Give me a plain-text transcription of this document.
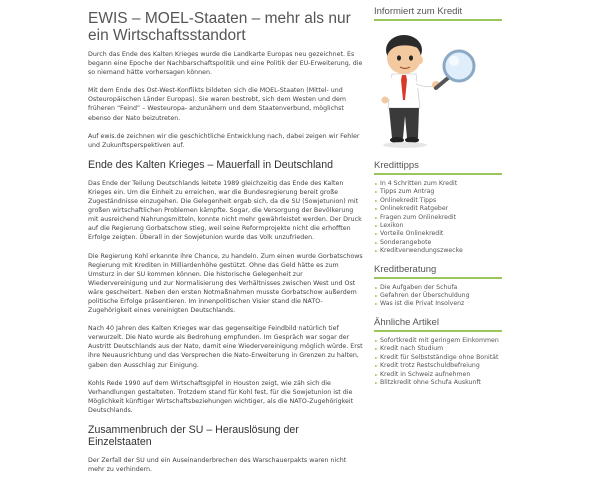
EWIS – MOEL-Staaten – mehr als nur ein Wirtschaftsstandort

Durch das Ende des Kalten Krieges wurde die Landkarte Europas neu gezeichnet. Es begann eine Epoche der Nachbarschaftspolitik und eine Politik der EU-Erweiterung, die so niemand hätte vorhersagen können.

Mit dem Ende des Ost-West-Konflikts bildeten sich die MOEL-Staaten (Mittel- und Osteuropäischen Länder Europas). Sie waren bestrebt, sich dem Westen und dem früheren “Feind” – Westeuropa- anzunähern und dem Staatenverbund, möglichst ebenso der Nato beizutreten.

Auf ewis.de zeichnen wir die geschichtliche Entwicklung nach, dabei zeigen wir Fehler und Zukunftsperspektiven auf.

Ende des Kalten Krieges – Mauerfall in Deutschland

Das Ende der Teilung Deutschlands leitete 1989 gleichzeitig das Ende des Kalten Krieges ein. Um die Einheit zu erreichen, war die Bundesregierung bereit große Zugeständnisse einzugehen. Die Gelegenheit ergab sich, da die SU (Sowjetunion) mit großen wirtschaftlichen Problemen kämpfte. Sogar, die Versorgung der Bevölkerung mit ausreichend Nahrungsmitteln, konnte nicht mehr gewährleistet werden. Der Druck auf die Regierung Gorbatschow stieg, weil seine Reformprojekte nicht die erhofften Erfolge zeigten. Überall in der Sowjetunion wurde das Volk unzufrieden.

Die Regierung Kohl erkannte ihre Chance, zu handeln. Zum einen wurde Gorbatschows Regierung mit Krediten in Milliardenhöhe gestützt. Ohne das Geld hätte es zum Umsturz in der SU kommen können. Die historische Gelegenheit zur Wiedervereinigung und zur Normalisierung des Verhältnisses zwischen West und Ost wäre gescheitert. Neben den ersten Notmaßnahmen musste Gorbatschow außerdem politische Erfolge präsentieren. Im innenpolitischen Visier stand die NATO-Zugehörigkeit eines vereinigten Deutschlands.

Nach 40 Jahren des Kalten Krieges war das gegenseitige Feindbild natürlich tief verwurzelt. Die Nato wurde als Bedrohung empfunden. Im Gespräch war sogar der Austritt Deutschlands aus der Nato, damit eine Wiedervereinigung möglich würde. Erst ihre Neuausrichtung und das Versprechen die Nato-Erweiterung in Grenzen zu halten, gaben den Ausschlag zur Einigung.

Kohls Rede 1990 auf dem Wirtschaftsgipfel in Houston zeigt, wie zäh sich die Verhandlungen gestalteten. Trotzdem stand für Kohl fest, für die Sowjetunion ist die Möglichkeit künftiger Wirtschaftsbeziehungen wichtiger, als die NATO-Zugehörigkeit Deutschlands.

Zusammenbruch der SU – Herauslösung der Einzelstaaten

Der Zerfall der SU und ein Auseinanderbrechen des Warschauerpakts waren nicht mehr zu verhindern.

Informiert zum Kredit
Kredittipps
In 4 Schritten zum Kredit
Tipps zum Antrag
Onlinekredit Tipps
Onlinekredit Ratgeber
Fragen zum Onlinekredit
Lexikon
Vorteile Onlinekredit
Sonderangebote
Kreditverwendungszwecke
Kreditberatung
Die Aufgaben der Schufa
Gefahren der Überschuldung
Was ist die Privat Insolvenz
Ähnliche Artikel
Sofortkredit mit geringem Einkommen
Kredit nach Studium
Kredit für Selbstständige ohne Bonität
Kredit trotz Restschuldbefreiung
Kredit in Schweiz aufnehmen
Blitzkredit ohne Schufa Auskunft
